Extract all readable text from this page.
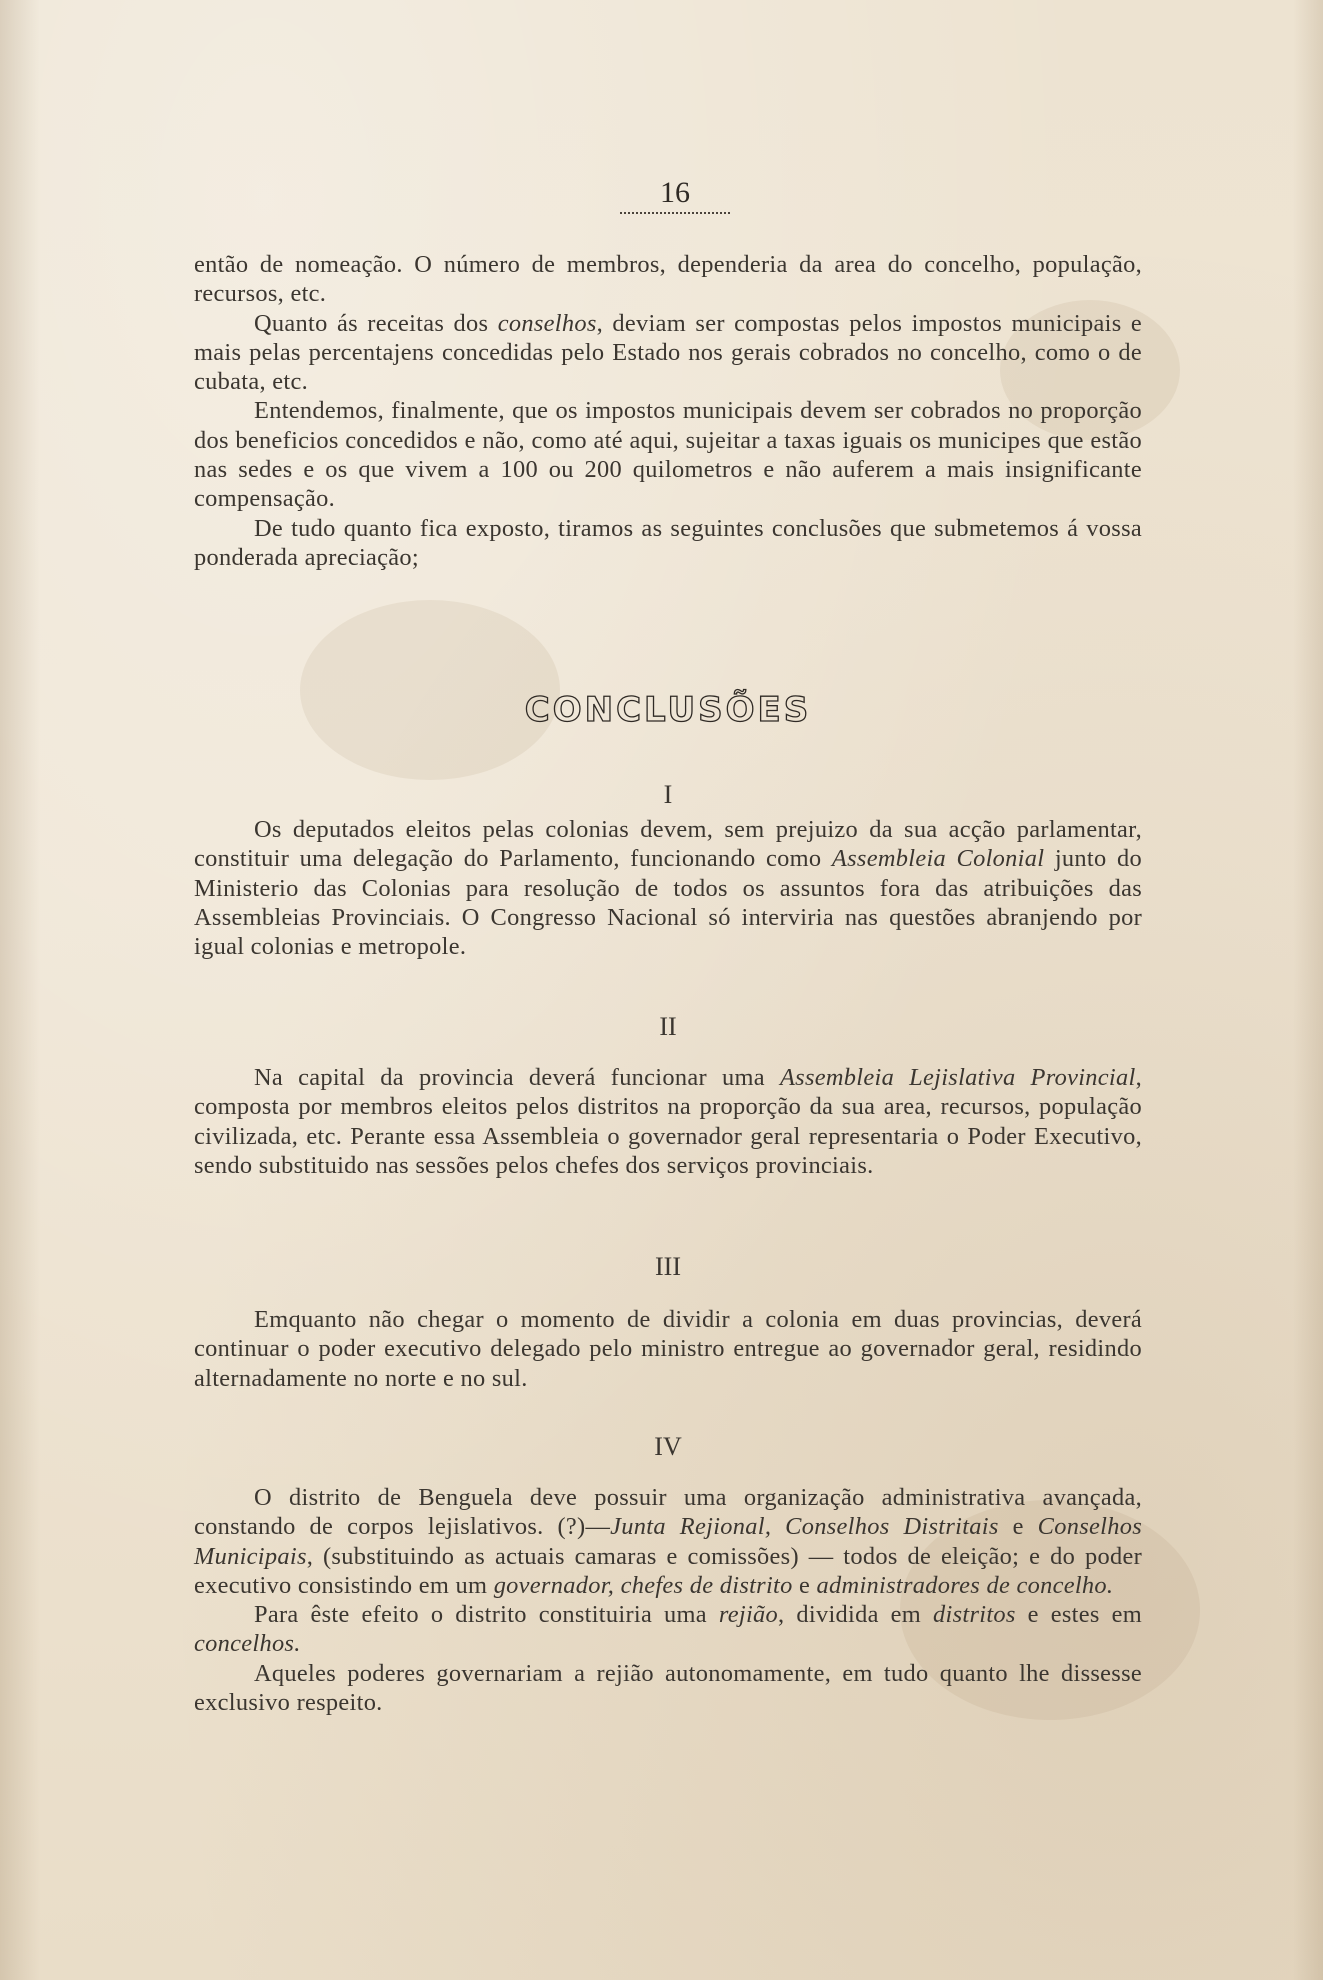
16

então de nomeação. O número de membros, dependeria da area do concelho, população, recursos, etc.

Quanto ás receitas dos conselhos, deviam ser compostas pelos impostos municipais e mais pelas percentajens concedidas pelo Estado nos gerais cobrados no concelho, como o de cubata, etc.

Entendemos, finalmente, que os impostos municipais devem ser cobrados no proporção dos beneficios concedidos e não, como até aqui, sujeitar a taxas iguais os municipes que estão nas sedes e os que vivem a 100 ou 200 quilometros e não auferem a mais insignificante compensação.

De tudo quanto fica exposto, tiramos as seguintes conclusões que submetemos á vossa ponderada apreciação;

CONCLUSÕES
I

Os deputados eleitos pelas colonias devem, sem prejuizo da sua acção parlamentar, constituir uma delegação do Parlamento, funcionando como Assembleia Colonial junto do Ministerio das Colonias para resolução de todos os assuntos fora das atribuições das Assembleias Provinciais. O Congresso Nacional só interviria nas questões abranjendo por igual colonias e metropole.

II

Na capital da provincia deverá funcionar uma Assembleia Lejislativa Provincial, composta por membros eleitos pelos distritos na proporção da sua area, recursos, população civilizada, etc. Perante essa Assembleia o governador geral representaria o Poder Executivo, sendo substituido nas sessões pelos chefes dos serviços provinciais.

III

Emquanto não chegar o momento de dividir a colonia em duas provincias, deverá continuar o poder executivo delegado pelo ministro entregue ao governador geral, residindo alternadamente no norte e no sul.

IV

O distrito de Benguela deve possuir uma organização administrativa avançada, constando de corpos lejislativos. (?)—Junta Rejional, Conselhos Distritais e Conselhos Municipais, (substituindo as actuais camaras e comissões) — todos de eleição; e do poder executivo consistindo em um governador, chefes de distrito e administradores de concelho.

Para êste efeito o distrito constituiria uma rejião, dividida em distritos e estes em concelhos.

Aqueles poderes governariam a rejião autonomamente, em tudo quanto lhe dissesse exclusivo respeito.
